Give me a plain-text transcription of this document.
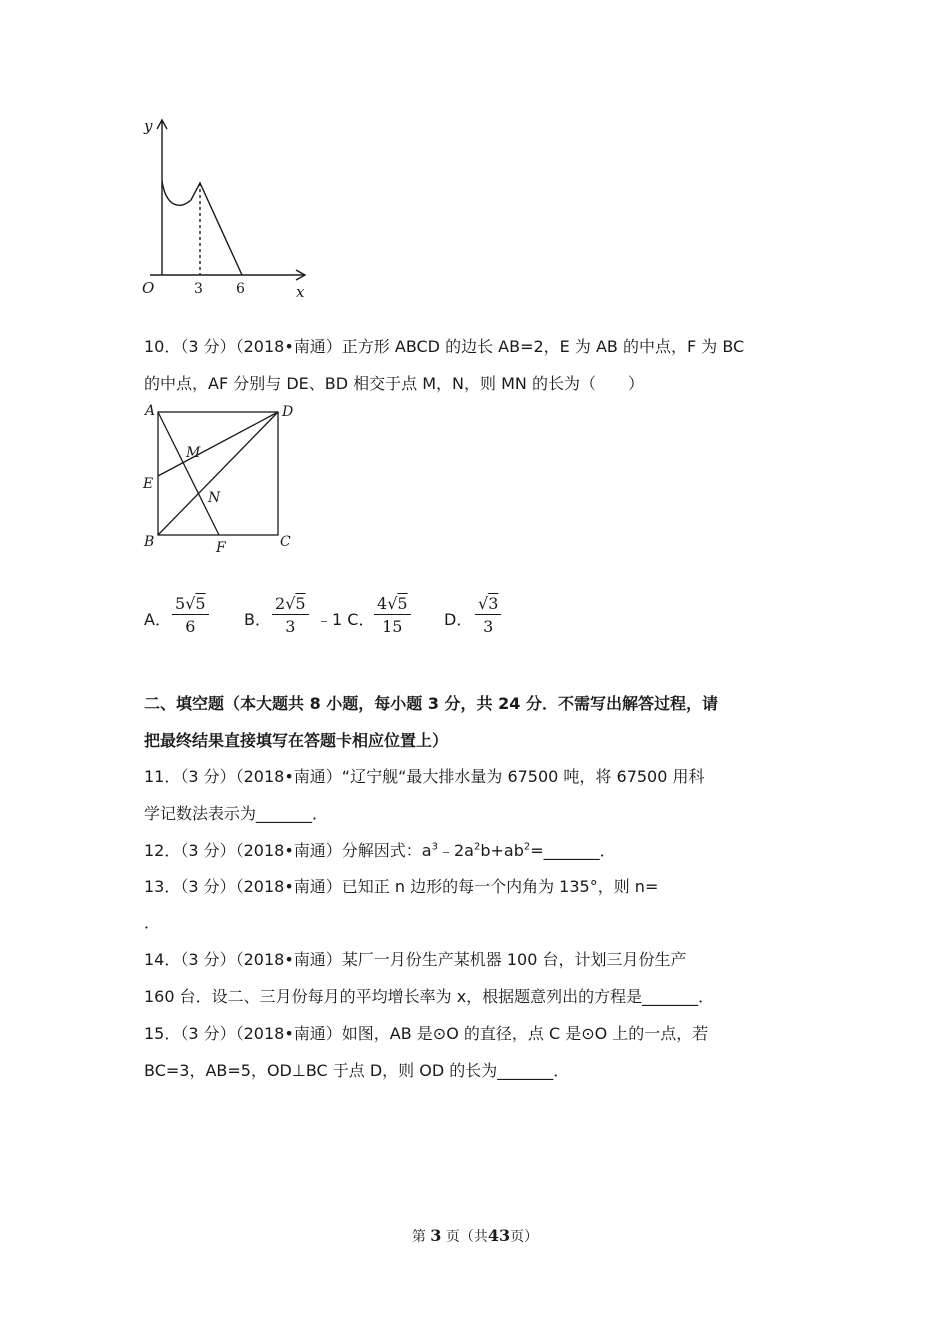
y
O	3 6	x
10．（3 分）（2018•南通）正方形 ABCD 的边长 AB=2，E 为 AB 的中点，F 为 BC
的中点，AF 分别与 DE、BD 相交于点 M，N，则 MN 的长为（　　）
A	D
M
E
N
B	C
F
A． $\frac{5√5}{6}$ B． $\frac{2√5}{3}$ ﹣1 C． $\frac{4√5}{15}$ D． $\frac{√3}{3}$
二、填空题（本大题共 8 小题，每小题 3 分，共 24 分．不需写出解答过程，请
把最终结果直接填写在答题卡相应位置上）
11．（3 分）（2018•南通）“辽宁舰“最大排水量为 67500 吨，将 67500 用科
学记数法表示为_______．
12．（3 分）（2018•南通）分解因式：$a^3﹣2a^2b+ab^2=\_\_\_\_\_\_\_$．
13．（3 分）（2018•南通）已知正 n 边形的每一个内角为 135°，则 n=
．
14．（3 分）（2018•南通）某厂一月份生产某机器 100 台，计划三月份生产
160 台．设二、三月份每月的平均增长率为 x，根据题意列出的方程是_______．
15．（3 分）（2018•南通）如图，AB 是⊙O 的直径，点 C 是⊙O 上的一点，若
BC=3，AB=5，OD⊥BC 于点 D，则 OD 的长为_______．
第 3 页（共43页）
